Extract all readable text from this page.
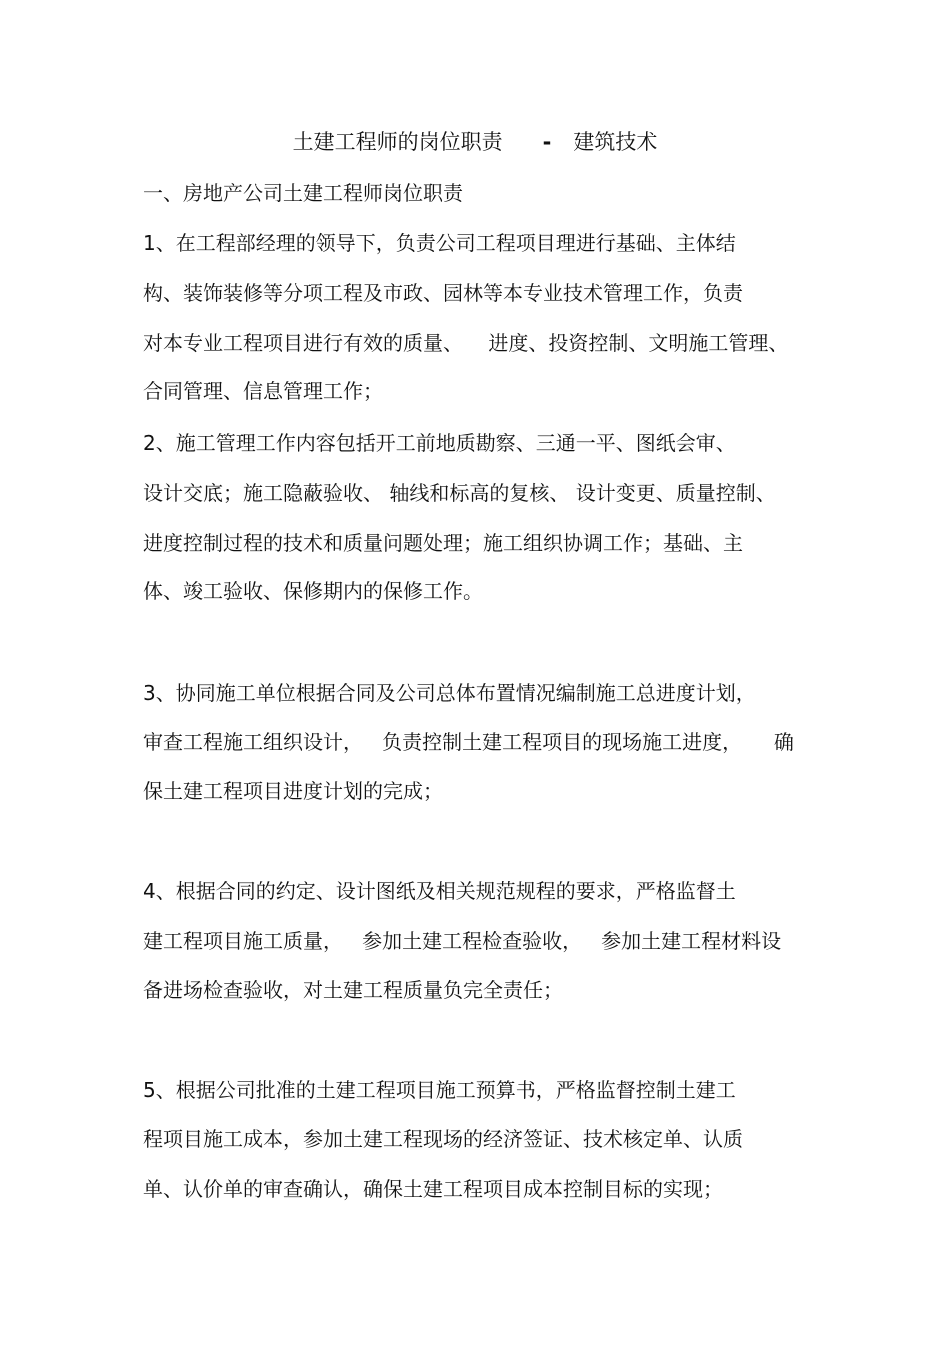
土建工程师的岗位职责 - 建筑技术
一、房地产公司土建工程师岗位职责
1、在工程部经理的领导下，负责公司工程项目理进行基础、主体结
构、装饰装修等分项工程及市政、园林等本专业技术管理工作，负责
对本专业工程项目进行有效的质量、    进度、投资控制、文明施工管理、
合同管理、信息管理工作；
2、施工管理工作内容包括开工前地质勘察、三通一平、图纸会审、
设计交底；施工隐蔽验收、 轴线和标高的复核、 设计变更、质量控制、
进度控制过程的技术和质量问题处理；施工组织协调工作；基础、主
体、竣工验收、保修期内的保修工作。
3、协同施工单位根据合同及公司总体布置情况编制施工总进度计划，
审查工程施工组织设计，   负责控制土建工程项目的现场施工进度，     确
保土建工程项目进度计划的完成；
4、根据合同的约定、设计图纸及相关规范规程的要求，严格监督土
建工程项目施工质量，   参加土建工程检查验收，   参加土建工程材料设
备进场检查验收，对土建工程质量负完全责任；
5、根据公司批准的土建工程项目施工预算书，严格监督控制土建工
程项目施工成本，参加土建工程现场的经济签证、技术核定单、认质
单、认价单的审查确认，确保土建工程项目成本控制目标的实现；
